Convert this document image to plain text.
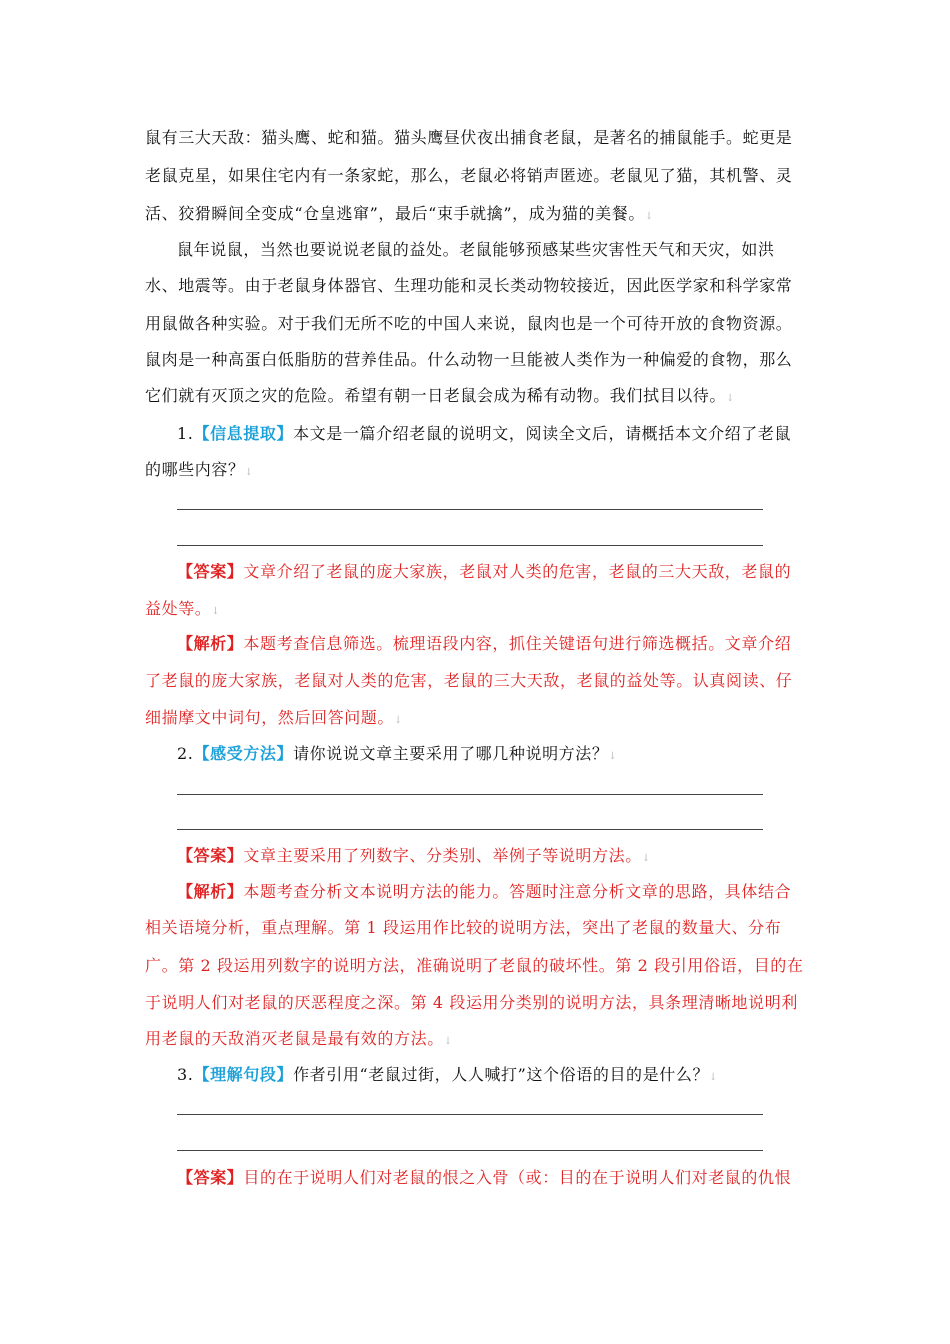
鼠有三大天敌：猫头鹰、蛇和猫。猫头鹰昼伏夜出捕食老鼠，是著名的捕鼠能手。蛇更是
老鼠克星，如果住宅内有一条家蛇，那么，老鼠必将销声匿迹。老鼠见了猫，其机警、灵
活、狡猾瞬间全变成“仓皇逃窜”，最后“束手就擒”，成为猫的美餐。↓
鼠年说鼠，当然也要说说老鼠的益处。老鼠能够预感某些灾害性天气和天灾，如洪
水、地震等。由于老鼠身体器官、生理功能和灵长类动物较接近，因此医学家和科学家常
用鼠做各种实验。对于我们无所不吃的中国人来说，鼠肉也是一个可待开放的食物资源。
鼠肉是一种高蛋白低脂肪的营养佳品。什么动物一旦能被人类作为一种偏爱的食物，那么
它们就有灭顶之灾的危险。希望有朝一日老鼠会成为稀有动物。我们拭目以待。↓
1.【信息提取】本文是一篇介绍老鼠的说明文，阅读全文后，请概括本文介绍了老鼠
的哪些内容？↓
【答案】文章介绍了老鼠的庞大家族，老鼠对人类的危害，老鼠的三大天敌，老鼠的
益处等。↓
【解析】本题考查信息筛选。梳理语段内容，抓住关键语句进行筛选概括。文章介绍
了老鼠的庞大家族，老鼠对人类的危害，老鼠的三大天敌，老鼠的益处等。认真阅读、仔
细揣摩文中词句，然后回答问题。↓
2.【感受方法】请你说说文章主要采用了哪几种说明方法？↓
【答案】文章主要采用了列数字、分类别、举例子等说明方法。↓
【解析】本题考查分析文本说明方法的能力。答题时注意分析文章的思路，具体结合
相关语境分析，重点理解。第 1 段运用作比较的说明方法，突出了老鼠的数量大、分布
广。第 2 段运用列数字的说明方法，准确说明了老鼠的破坏性。第 2 段引用俗语，目的在
于说明人们对老鼠的厌恶程度之深。第 4 段运用分类别的说明方法，具条理清晰地说明利
用老鼠的天敌消灭老鼠是最有效的方法。↓
3.【理解句段】作者引用“老鼠过街，人人喊打”这个俗语的目的是什么？↓
【答案】目的在于说明人们对老鼠的恨之入骨（或：目的在于说明人们对老鼠的仇恨
